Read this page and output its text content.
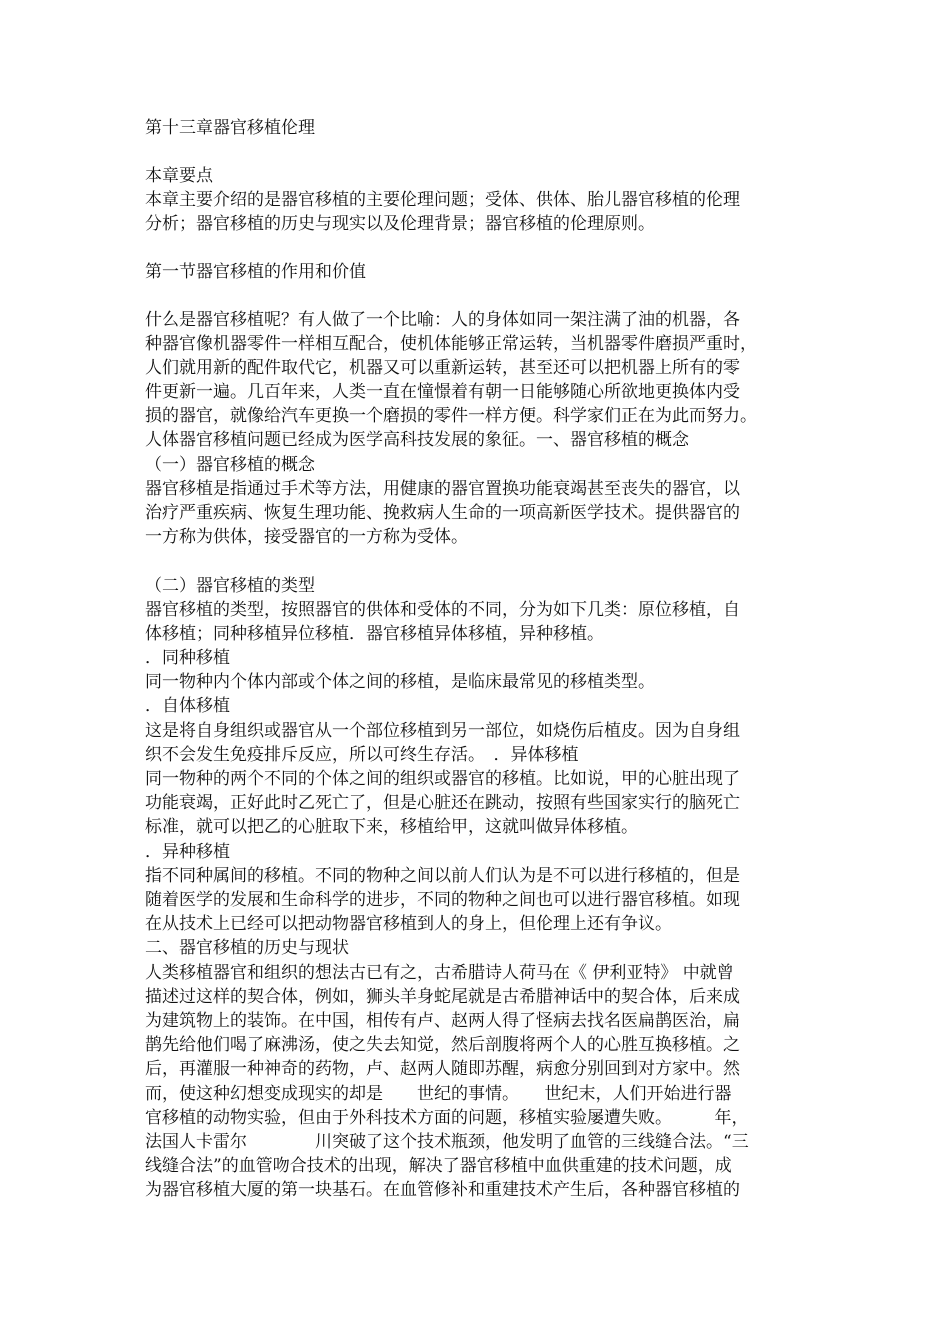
第十三章器官移植伦理
本章要点
本章主要介绍的是器官移植的主要伦理问题；受体、供体、胎儿器官移植的伦理
分析；器官移植的历史与现实以及伦理背景；器官移植的伦理原则。
第一节器官移植的作用和价值
什么是器官移植呢？有人做了一个比喻：人的身体如同一架注满了油的机器，各
种器官像机器零件一样相互配合，使机体能够正常运转，当机器零件磨损严重时，
人们就用新的配件取代它，机器又可以重新运转，甚至还可以把机器上所有的零
件更新一遍。几百年来，人类一直在憧憬着有朝一日能够随心所欲地更换体内受
损的器官，就像给汽车更换一个磨损的零件一样方便。科学家们正在为此而努力。
人体器官移植问题已经成为医学高科技发展的象征。一、器官移植的概念
（一）器官移植的概念
器官移植是指通过手术等方法，用健康的器官置换功能衰竭甚至丧失的器官，以
治疗严重疾病、恢复生理功能、挽救病人生命的一项高新医学技术。提供器官的
一方称为供体，接受器官的一方称为受体。
（二）器官移植的类型
器官移植的类型，按照器官的供体和受体的不同，分为如下几类：原位移植，自
体移植；同种移植异位移植．器官移植异体移植，异种移植。
．同种移植
同一物种内个体内部或个体之间的移植，是临床最常见的移植类型。
．自体移植
这是将自身组织或器官从一个部位移植到另一部位，如烧伤后植皮。因为自身组
织不会发生免疫排斥反应，所以可终生存活。　．异体移植
同一物种的两个不同的个体之间的组织或器官的移植。比如说，甲的心脏出现了
功能衰竭，正好此时乙死亡了，但是心脏还在跳动，按照有些国家实行的脑死亡
标准，就可以把乙的心脏取下来，移植给甲，这就叫做异体移植。
．异种移植
指不同种属间的移植。不同的物种之间以前人们认为是不可以进行移植的，但是
随着医学的发展和生命科学的进步，不同的物种之间也可以进行器官移植。如现
在从技术上已经可以把动物器官移植到人的身上，但伦理上还有争议。
二、器官移植的历史与现状
人类移植器官和组织的想法古已有之，古希腊诗人荷马在《 伊利亚特》 中就曾
描述过这样的契合体，例如，狮头羊身蛇尾就是古希腊神话中的契合体，后来成
为建筑物上的装饰。在中国，相传有卢、赵两人得了怪病去找名医扁鹊医治，扁
鹊先给他们喝了麻沸汤，使之失去知觉，然后剖腹将两个人的心胜互换移植。之
后，再灌服一种神奇的药物，卢、赵两人随即苏醒，病愈分别回到对方家中。然
而，使这种幻想变成现实的却是　　世纪的事情。　　世纪末，人们开始进行器
官移植的动物实验，但由于外科技术方面的问题，移植实验屡遭失败。　　　年，
法国人卡雷尔　　　　川突破了这个技术瓶颈，他发明了血管的三线缝合法。“三
线缝合法”的血管吻合技术的出现，解决了器官移植中血供重建的技术问题，成
为器官移植大厦的第一块基石。在血管修补和重建技术产生后，各种器官移植的
